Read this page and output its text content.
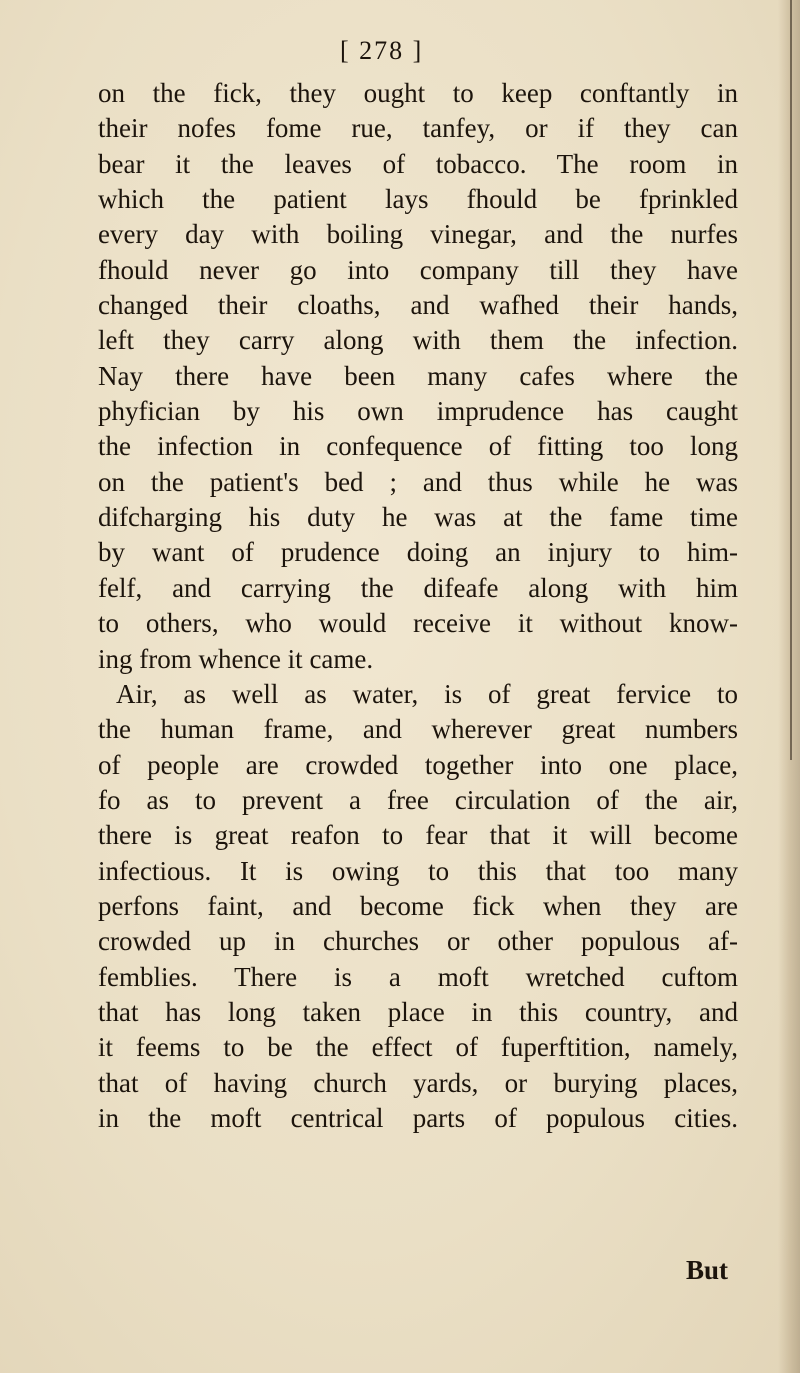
[ 278 ]
on the fick, they ought to keep conftantly in
their nofes fome rue, tanfey, or if they can
bear it the leaves of tobacco. The room in
which the patient lays fhould be fprinkled
every day with boiling vinegar, and the nurfes
fhould never go into company till they have
changed their cloaths, and wafhed their hands,
left they carry along with them the infection.
Nay there have been many cafes where the
phyfician by his own imprudence has caught
the infection in confequence of fitting too long
on the patient's bed ; and thus while he was
difcharging his duty he was at the fame time
by want of prudence doing an injury to him-
felf, and carrying the difeafe along with him
to others, who would receive it without know-
ing from whence it came.
Air, as well as water, is of great fervice to
the human frame, and wherever great numbers
of people are crowded together into one place,
fo as to prevent a free circulation of the air,
there is great reafon to fear that it will become
infectious. It is owing to this that too many
perfons faint, and become fick when they are
crowded up in churches or other populous af-
femblies. There is a moft wretched cuftom
that has long taken place in this country, and
it feems to be the effect of fuperftition, namely,
that of having church yards, or burying places,
in the moft centrical parts of populous cities.
But
